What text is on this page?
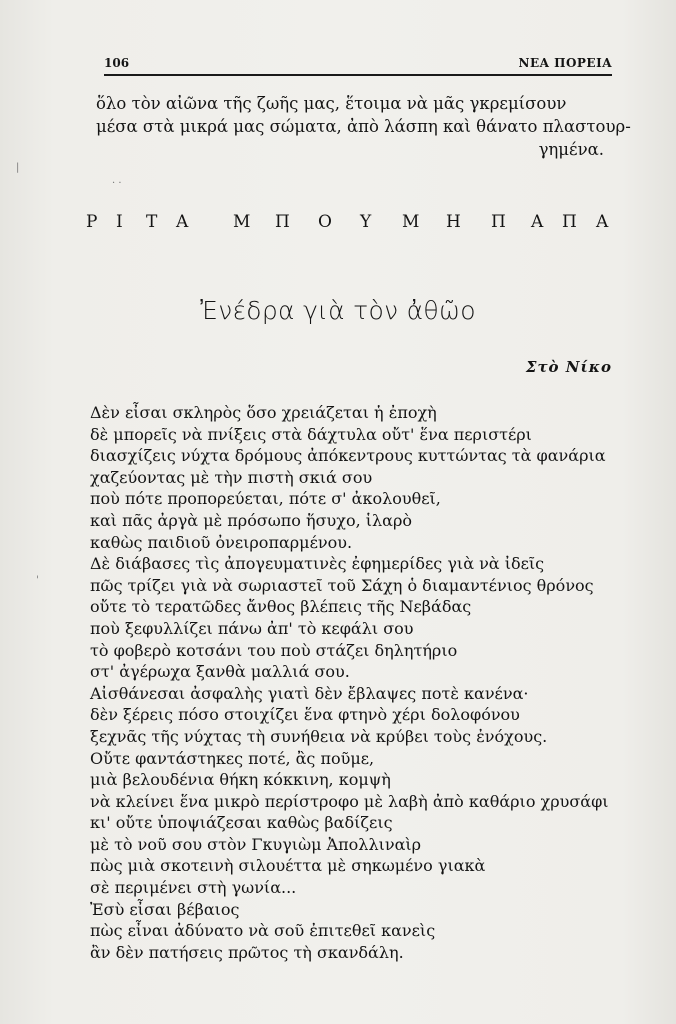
106	ΝΕΑ ΠΟΡΕΙΑ
ὅλο τὸν αἰῶνα τῆς ζωῆς μας, ἕτοιμα νὰ μᾶς γκρεμίσουν
μέσα στὰ μικρά μας σώματα, ἀπὸ λάσπη καὶ θάνατο πλαστουρ-
γημένα.
Ρ Ι Τ Α	Μ Π Ο Υ Μ Η Π Α Π Α
Ἐνέδρα γιὰ τὸν ἀθῶο
Στὸ Νίκο
Δὲν εἶσαι σκληρὸς ὅσο χρειάζεται ἡ ἐποχὴ
δὲ μπορεῖς νὰ πνίξεις στὰ δάχτυλα οὔτ' ἕνα περιστέρι
διασχίζεις νύχτα δρόμους ἀπόκεντρους κυττώντας τὰ φανάρια
χαζεύοντας μὲ τὴν πιστὴ σκιά σου
ποὺ πότε προπορεύεται, πότε σ' ἀκολουθεῖ,
καὶ πᾶς ἀργὰ μὲ πρόσωπο ἥσυχο, ἱλαρὸ
καθὼς παιδιοῦ ὀνειροπαρμένου.
Δὲ διάβασες τὶς ἀπογευματινὲς ἐφημερίδες γιὰ νὰ ἰδεῖς
πῶς τρίζει γιὰ νὰ σωριαστεῖ τοῦ Σάχη ὁ διαμαντένιος θρόνος
οὔτε τὸ τερατῶδες ἄνθος βλέπεις τῆς Νεβάδας
ποὺ ξεφυλλίζει πάνω ἀπ' τὸ κεφάλι σου
τὸ φοβερὸ κοτσάνι του ποὺ στάζει δηλητήριο
στ' ἀγέρωχα ξανθὰ μαλλιά σου.
Αἰσθάνεσαι ἀσφαλὴς γιατὶ δὲν ἔβλαψες ποτὲ κανένα·
δὲν ξέρεις πόσο στοιχίζει ἕνα φτηνὸ χέρι δολοφόνου
ξεχνᾶς τῆς νύχτας τὴ συνήθεια νὰ κρύβει τοὺς ἐνόχους.
Οὔτε φαντάστηκες ποτέ, ἂς ποῦμε,
μιὰ βελουδένια θήκη κόκκινη, κομψὴ
νὰ κλείνει ἕνα μικρὸ περίστροφο μὲ λαβὴ ἀπὸ καθάριο χρυσάφι
κι' οὔτε ὑποψιάζεσαι καθὼς βαδίζεις
μὲ τὸ νοῦ σου στὸν Γκυγιὼμ Ἀπολλιναὶρ
πὼς μιὰ σκοτεινὴ σιλουέττα μὲ σηκωμένο γιακὰ
σὲ περιμένει στὴ γωνία...
Ἐσὺ εἶσαι βέβαιος
πὼς εἶναι ἀδύνατο νὰ σοῦ ἐπιτεθεῖ κανεὶς
ἂν δὲν πατήσεις πρῶτος τὴ σκανδάλη.
· ·
|
'
